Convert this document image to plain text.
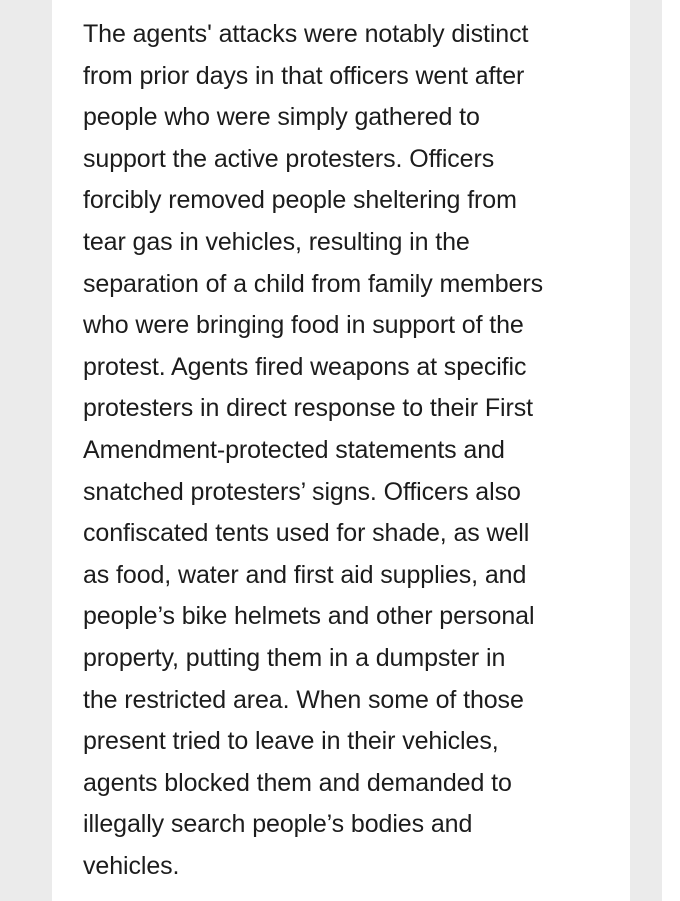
The agents' attacks were notably distinct
from prior days in that officers went after
people who were simply gathered to
support the active protesters. Officers
forcibly removed people sheltering from
tear gas in vehicles, resulting in the
separation of a child from family members
who were bringing food in support of the
protest. Agents fired weapons at specific
protesters in direct response to their First
Amendment-protected statements and
snatched protesters’ signs. Officers also
confiscated tents used for shade, as well
as food, water and first aid supplies, and
people’s bike helmets and other personal
property, putting them in a dumpster in
the restricted area. When some of those
present tried to leave in their vehicles,
agents blocked them and demanded to
illegally search people’s bodies and
vehicles.
